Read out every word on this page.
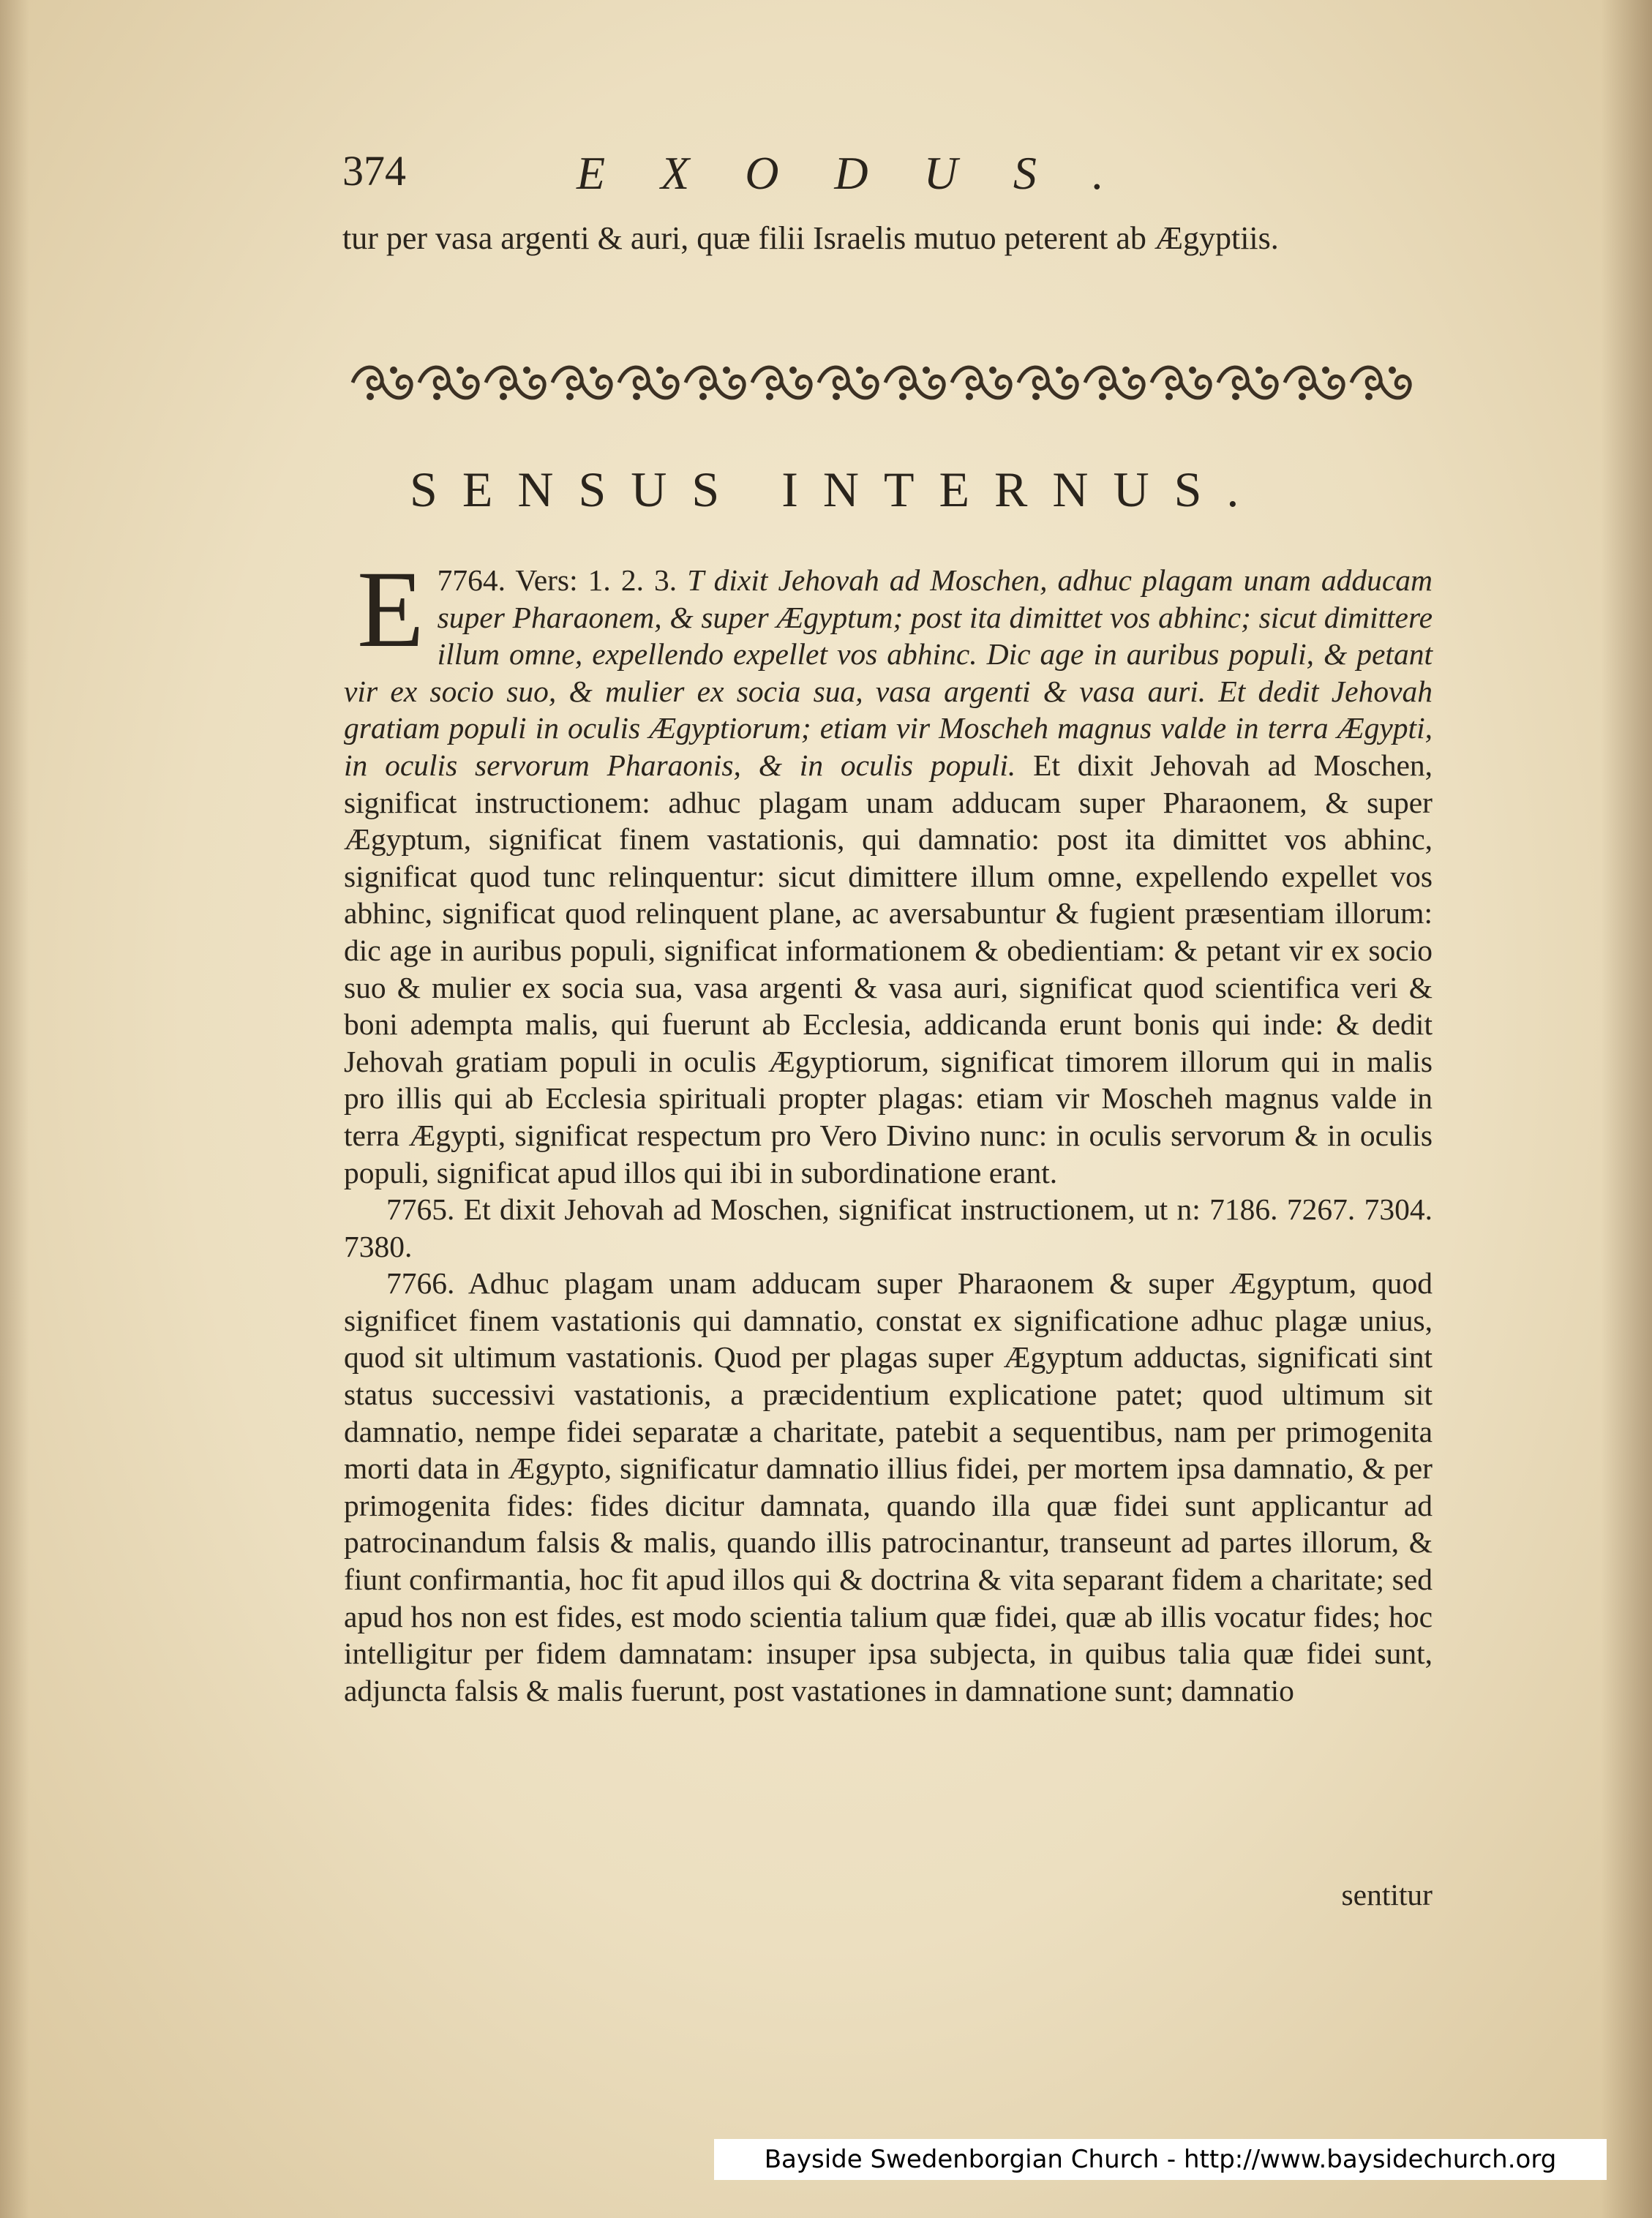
374	EXODUS.
tur per vasa argenti & auri, quæ filii Israelis mutuo peterent ab Ægyptiis.
SENSUS INTERNUS.

E 7764. Vers: 1. 2. 3. T dixit Jehovah ad Moschen, adhuc plagam unam adducam super Pharaonem, & super Ægyptum; post ita dimittet vos abhinc; sicut dimittere illum omne, expellendo expellet vos abhinc. Dic age in auribus populi, & petant vir ex socio suo, & mulier ex socia sua, vasa argenti & vasa auri. Et dedit Jehovah gratiam populi in oculis Ægyptiorum; etiam vir Moscheh magnus valde in terra Ægypti, in oculis servorum Pharaonis, & in oculis populi. Et dixit Jehovah ad Moschen, significat instructionem: adhuc plagam unam adducam super Pharaonem, & super Ægyptum, significat finem vastationis, qui damnatio: post ita dimittet vos abhinc, significat quod tunc relinquentur: sicut dimittere illum omne, expellendo expellet vos abhinc, significat quod relinquent plane, ac aversabuntur & fugient præsentiam illorum: dic age in auribus populi, significat informationem & obedientiam: & petant vir ex socio suo & mulier ex socia sua, vasa argenti & vasa auri, significat quod scientifica veri & boni adempta malis, qui fuerunt ab Ecclesia, addicanda erunt bonis qui inde: & dedit Jehovah gratiam populi in oculis Ægyptiorum, significat timorem illorum qui in malis pro illis qui ab Ecclesia spirituali propter plagas: etiam vir Moscheh magnus valde in terra Ægypti, significat respectum pro Vero Divino nunc: in oculis servorum & in oculis populi, significat apud illos qui ibi in subordinatione erant.

7765. Et dixit Jehovah ad Moschen, significat instructionem, ut n: 7186. 7267. 7304. 7380.

7766. Adhuc plagam unam adducam super Pharaonem & super Ægyptum, quod significet finem vastationis qui damnatio, constat ex significatione adhuc plagæ unius, quod sit ultimum vastationis. Quod per plagas super Ægyptum adductas, significati sint status successivi vastationis, a præcidentium explicatione patet; quod ultimum sit damnatio, nempe fidei separatæ a charitate, patebit a sequentibus, nam per primogenita morti data in Ægypto, significatur damnatio illius fidei, per mortem ipsa damnatio, & per primogenita fides: fides dicitur damnata, quando illa quæ fidei sunt applicantur ad patrocinandum falsis & malis, quando illis patrocinantur, transeunt ad partes illorum, & fiunt confirmantia, hoc fit apud illos qui & doctrina & vita separant fidem a charitate; sed apud hos non est fides, est modo scientia talium quæ fidei, quæ ab illis vocatur fides; hoc intelligitur per fidem damnatam: insuper ipsa subjecta, in quibus talia quæ fidei sunt, adjuncta falsis & malis fuerunt, post vastationes in damnatione sunt; damnatio

sentitur
Bayside Swedenborgian Church - http://www.baysidechurch.org
